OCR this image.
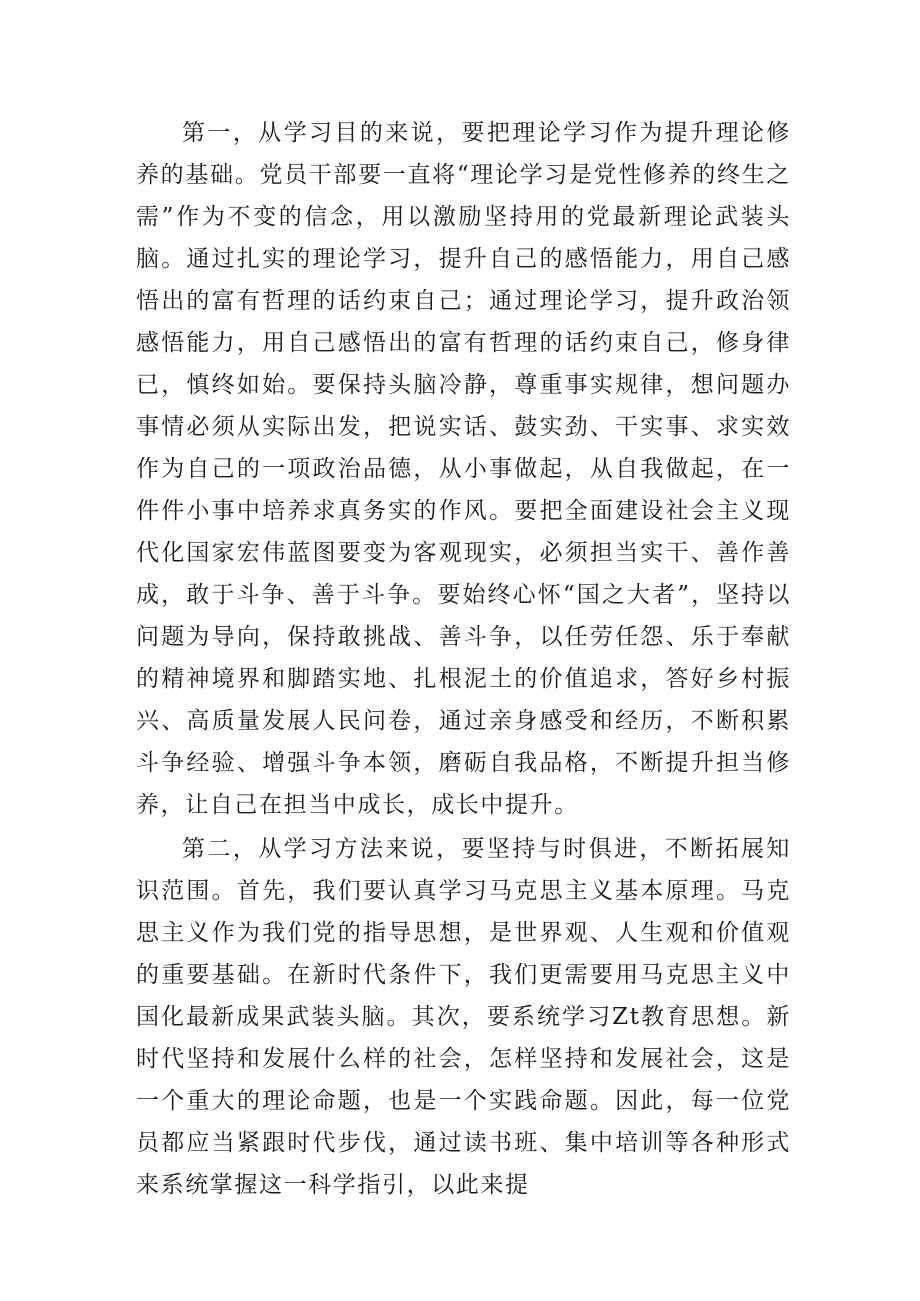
第一，从学习目的来说，要把理论学习作为提升理论修养的基础。党员干部要一直将“理论学习是党性修养的终生之需”作为不变的信念，用以激励坚持用的党最新理论武装头脑。通过扎实的理论学习，提升自己的感悟能力，用自己感悟出的富有哲理的话约束自己；通过理论学习，提升政治领感悟能力，用自己感悟出的富有哲理的话约束自己，修身律已，慎终如始。要保持头脑冷静，尊重事实规律，想问题办事情必须从实际出发，把说实话、鼓实劲、干实事、求实效作为自己的一项政治品德，从小事做起，从自我做起，在一件件小事中培养求真务实的作风。要把全面建设社会主义现代化国家宏伟蓝图要变为客观现实，必须担当实干、善作善成，敢于斗争、善于斗争。要始终心怀“国之大者”，坚持以问题为导向，保持敢挑战、善斗争，以任劳任怨、乐于奉献的精神境界和脚踏实地、扎根泥土的价值追求，答好乡村振兴、高质量发展人民问卷，通过亲身感受和经历，不断积累斗争经验、增强斗争本领，磨砺自我品格，不断提升担当修养，让自己在担当中成长，成长中提升。

第二，从学习方法来说，要坚持与时俱进，不断拓展知识范围。首先，我们要认真学习马克思主义基本原理。马克思主义作为我们党的指导思想，是世界观、人生观和价值观的重要基础。在新时代条件下，我们更需要用马克思主义中国化最新成果武装头脑。其次，要系统学习Zt教育思想。新时代坚持和发展什么样的社会，怎样坚持和发展社会，这是一个重大的理论命题，也是一个实践命题。因此，每一位党员都应当紧跟时代步伐，通过读书班、集中培训等各种形式来系统掌握这一科学指引，以此来提
